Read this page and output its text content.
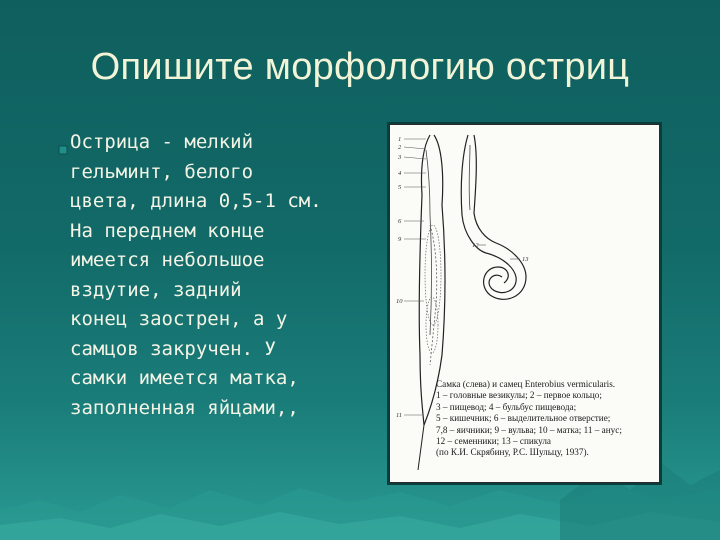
Опишите морфологию остриц
Острица - мелкий
гельминт, белого
цвета, длина 0,5-1 см.
На переднем конце
имеется небольшое
вздутие, задний
конец заострен, а у
самцов закручен. У
самки имеется матка,
заполненная яйцами,,
1
2
3
4
5
6
9
10
11
12
13
Самка (слева) и самец Enterobius vermicularis.
1 – головные везикулы; 2 – первое кольцо;
3 – пищевод; 4 – бульбус пищевода;
5 – кишечник; 6 – выделительное отверстие;
7,8 – яичники; 9 – вульва; 10 – матка; 11 – анус;
12 – семенники; 13 – спикула
(по К.И. Скрябину, Р.С. Шульцу, 1937).
